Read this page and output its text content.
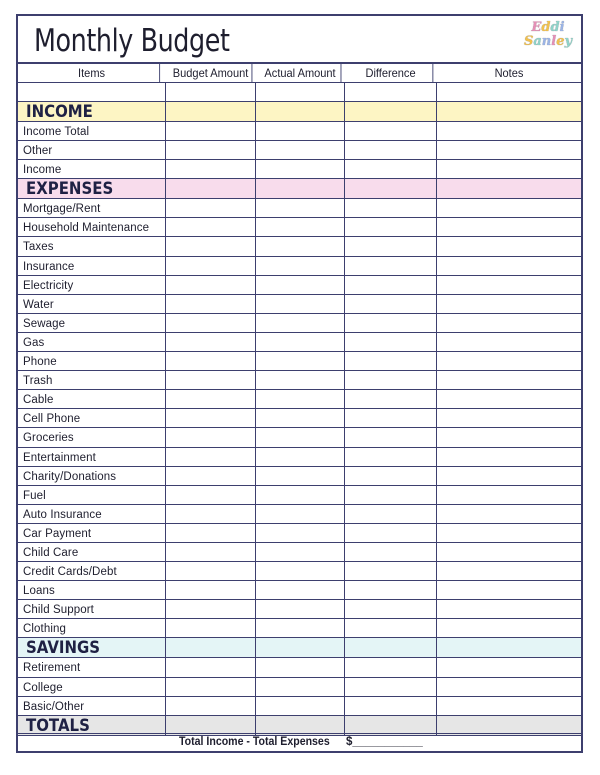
Monthly Budget	Eddi
Sanley
Items	Budget Amount	Actual Amount	Difference	Notes
INCOME
Income Total
Other
Income
EXPENSES
Mortgage/Rent
Household Maintenance
Taxes
Insurance
Electricity
Water
Sewage
Gas
Phone
Trash
Cable
Cell Phone
Groceries
Entertainment
Charity/Donations
Fuel
Auto Insurance
Car Payment
Child Care
Credit Cards/Debt
Loans
Child Support
Clothing
SAVINGS
Retirement
College
Basic/Other
TOTALS
Total Income - Total Expenses $___________
